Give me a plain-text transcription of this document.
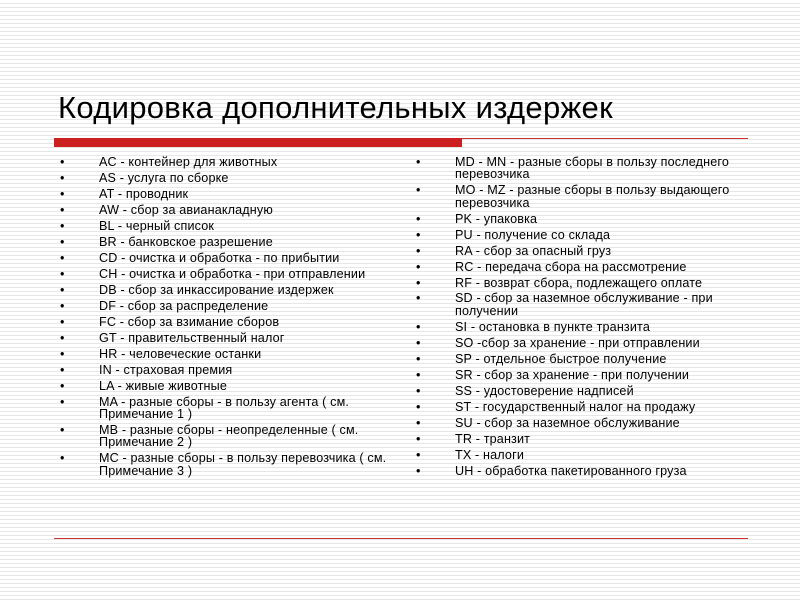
Кодировка дополнительных издержек
•	AC - контейнер для животных
•	AS - услуга по сборке
•	AT - проводник
•	AW - сбор за авианакладную
•	BL - черный список
•	BR - банковское разрешение
•	CD - очистка и обработка - по прибытии
•	CH - очистка и обработка - при отправлении
•	DB - сбор за инкассирование издержек
•	DF - сбор за распределение
•	FC - сбор за взимание сборов
•	GT - правительственный налог
•	HR - человеческие останки
•	IN - страховая премия
•	LA - живые животные
•	MA - разные сборы - в пользу агента ( см. Примечание 1 )
•	MB - разные сборы - неопределенные ( см. Примечание 2 )
•	MC - разные сборы - в пользу перевозчика ( см. Примечание 3 )
•	MD - MN - разные сборы в пользу последнего перевозчика
•	MO - MZ - разные сборы в пользу выдающего перевозчика
•	PK - упаковка
•	PU - получение со склада
•	RA - сбор за опасный груз
•	RC - передача сбора на рассмотрение
•	RF - возврат сбора, подлежащего оплате
•	SD - сбор за наземное обслуживание - при получении
•	SI - остановка в пункте транзита
•	SO -сбор за хранение - при отправлении
•	SP - отдельное быстрое получение
•	SR - сбор за хранение - при получении
•	SS - удостоверение надписей
•	ST - государственный налог на продажу
•	SU - сбор за наземное обслуживание
•	TR - транзит
•	TX - налоги
•	UH - обработка пакетированного груза
